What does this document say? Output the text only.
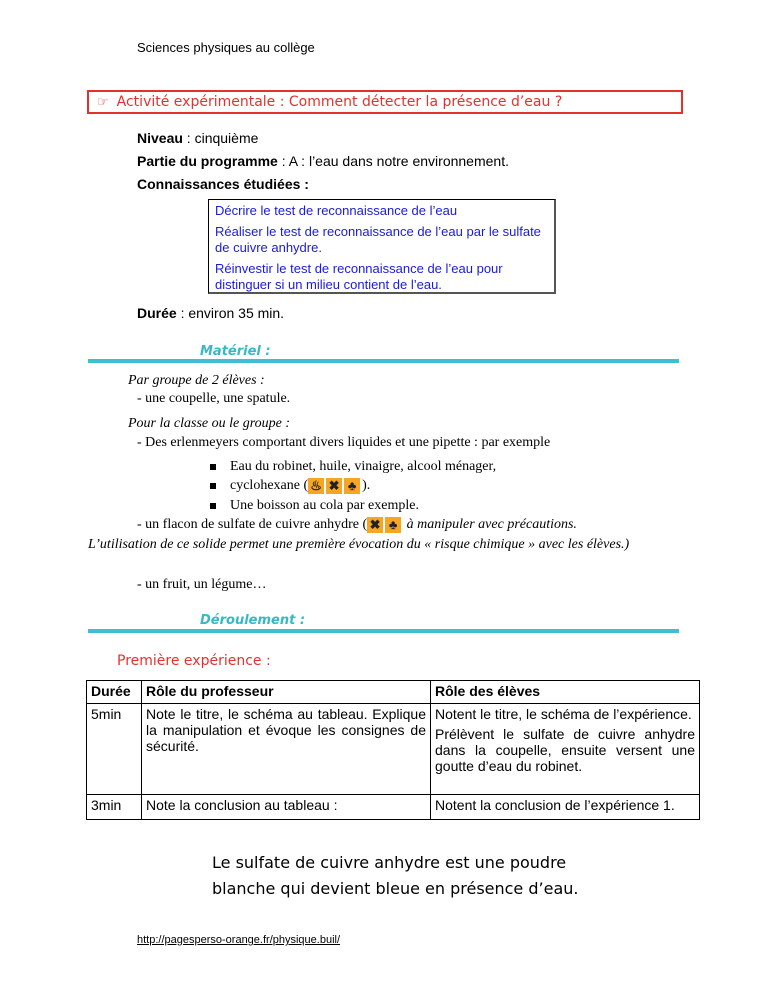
Sciences physiques au collège
☞ Activité expérimentale : Comment détecter la présence d’eau ?
Niveau : cinquième
Partie du programme : A : l’eau dans notre environnement.
Connaissances étudiées :

Décrire le test de reconnaissance de l’eau

Réaliser le test de reconnaissance de l’eau par le sulfate de cuivre anhydre.

Réinvestir le test de reconnaissance de l’eau pour distinguer si un milieu contient de l’eau.

Durée : environ 35 min.
Matériel :
Par groupe de 2 élèves :
- une coupelle, une spatule.
Pour la classe ou le groupe :
- Des erlenmeyers comportant divers liquides et une pipette : par exemple
Eau du robinet, huile, vinaigre, alcool ménager,
cyclohexane ( ♨ ✖ ♣ ).
Une boisson au cola par exemple.
- un flacon de sulfate de cuivre anhydre ( ✖ ♣ à manipuler avec précautions.
L’utilisation de ce solide permet une première évocation du « risque chimique » avec les élèves.)
- un fruit, un légume…
Déroulement :
Première expérience :
Durée	Rôle du professeur	Rôle des élèves
5min	Note le titre, le schéma au tableau. Explique la manipulation et évoque les consignes de sécurité.	Notent le titre, le schéma de l’expérience.
Prélèvent le sulfate de cuivre anhydre dans la coupelle, ensuite versent une goutte d’eau du robinet.

3min	Note la conclusion au tableau :	Notent la conclusion de l’expérience 1.
Le sulfate de cuivre anhydre est une poudre
blanche qui devient bleue en présence d’eau.
http://pagesperso-orange.fr/physique.buil/
